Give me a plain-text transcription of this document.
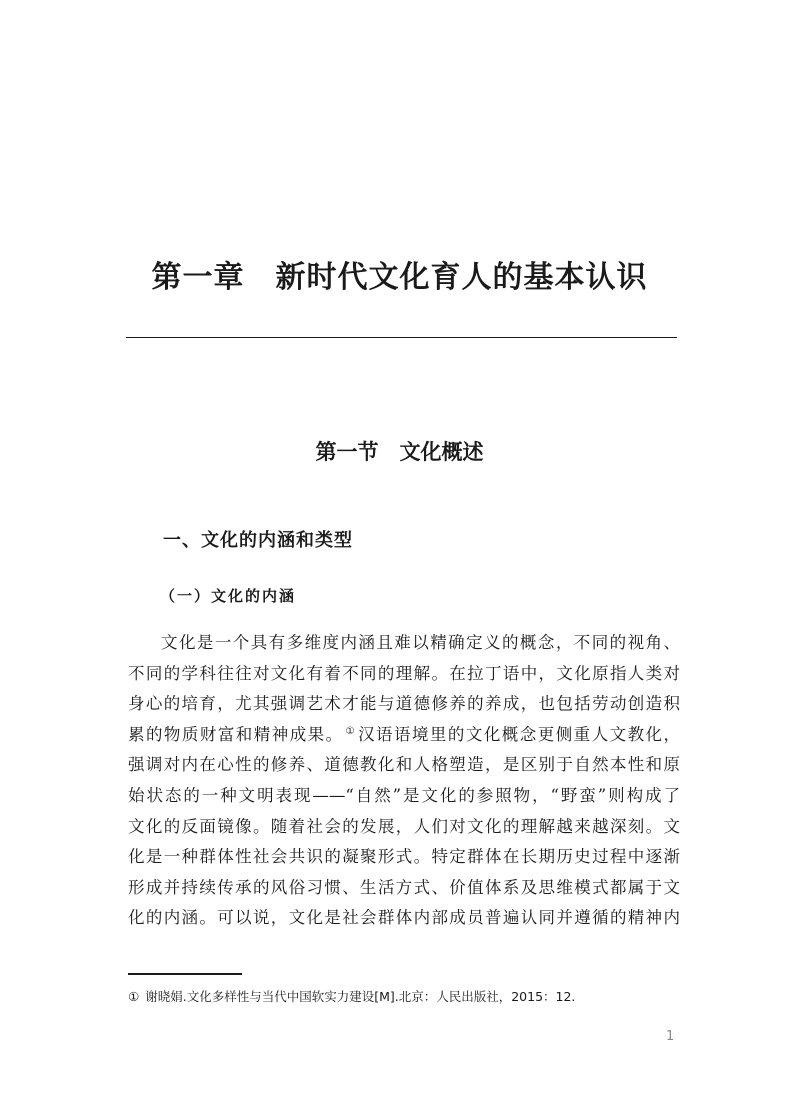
第一章　新时代文化育人的基本认识
第一节　文化概述
一、文化的内涵和类型
（一）文化的内涵
文化是一个具有多维度内涵且难以精确定义的概念，不同的视角、
不同的学科往往对文化有着不同的理解。在拉丁语中，文化原指人类对
身心的培育，尤其强调艺术才能与道德修养的养成，也包括劳动创造积
累的物质财富和精神成果。 ① 汉语语境里的文化概念更侧重人文教化，
强调对内在心性的修养、道德教化和人格塑造，是区别于自然本性和原
始状态的一种文明表现——“自然”是文化的参照物，“野蛮”则构成了
文化的反面镜像。随着社会的发展，人们对文化的理解越来越深刻。文
化是一种群体性社会共识的凝聚形式。特定群体在长期历史过程中逐渐
形成并持续传承的风俗习惯、生活方式、价值体系及思维模式都属于文
化的内涵。可以说，文化是社会群体内部成员普遍认同并遵循的精神内

① 谢晓娟.文化多样性与当代中国软实力建设[M].北京：人民出版社，2015：12.

1
